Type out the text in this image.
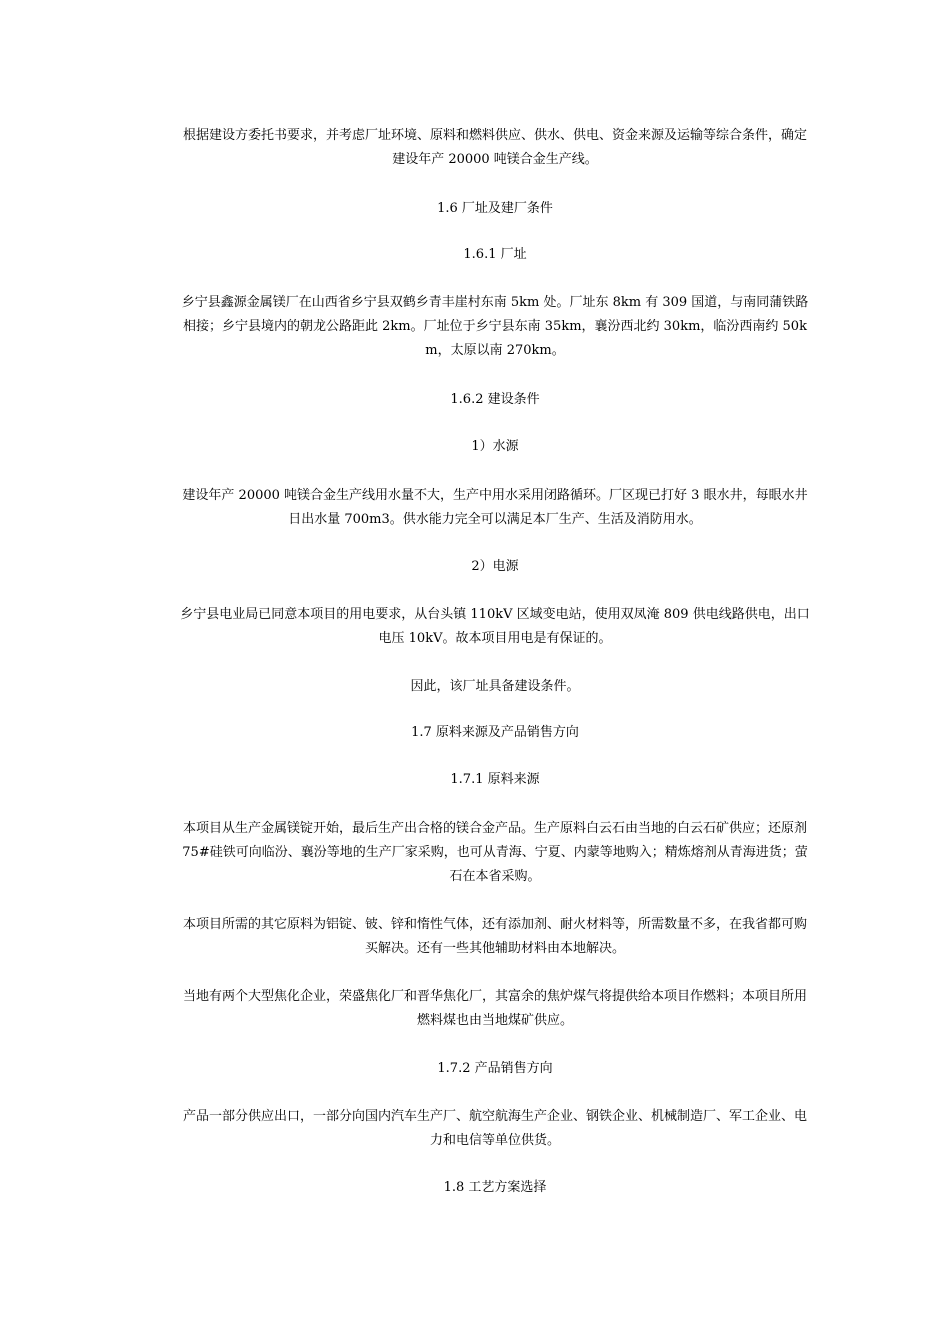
根据建设方委托书要求，并考虑厂址环境、原料和燃料供应、供水、供电、资金来源及运输等综合条件，确定建设年产 20000 吨镁合金生产线。

1.6 厂址及建厂条件

1.6.1 厂址

乡宁县鑫源金属镁厂在山西省乡宁县双鹤乡青丰崖村东南 5km 处。厂址东 8km 有 309 国道，与南同蒲铁路相接；乡宁县境内的朝龙公路距此 2km。厂址位于乡宁县东南 35km，襄汾西北约 30km，临汾西南约 50km，太原以南 270km。

1.6.2 建设条件

1）水源

建设年产 20000 吨镁合金生产线用水量不大，生产中用水采用闭路循环。厂区现已打好 3 眼水井，每眼水井日出水量 700m3。供水能力完全可以满足本厂生产、生活及消防用水。

2）电源

乡宁县电业局已同意本项目的用电要求，从台头镇 110kV 区域变电站，使用双凤淹 809 供电线路供电，出口电压 10kV。故本项目用电是有保证的。

因此，该厂址具备建设条件。

1.7 原料来源及产品销售方向

1.7.1 原料来源

本项目从生产金属镁锭开始，最后生产出合格的镁合金产品。生产原料白云石由当地的白云石矿供应；还原剂 75#硅铁可向临汾、襄汾等地的生产厂家采购，也可从青海、宁夏、内蒙等地购入；精炼熔剂从青海进货；萤石在本省采购。

本项目所需的其它原料为铝锭、铍、锌和惰性气体，还有添加剂、耐火材料等，所需数量不多，在我省都可购买解决。还有一些其他辅助材料由本地解决。

当地有两个大型焦化企业，荣盛焦化厂和晋华焦化厂，其富余的焦炉煤气将提供给本项目作燃料；本项目所用燃料煤也由当地煤矿供应。

1.7.2 产品销售方向

产品一部分供应出口，一部分向国内汽车生产厂、航空航海生产企业、钢铁企业、机械制造厂、军工企业、电力和电信等单位供货。

1.8 工艺方案选择
